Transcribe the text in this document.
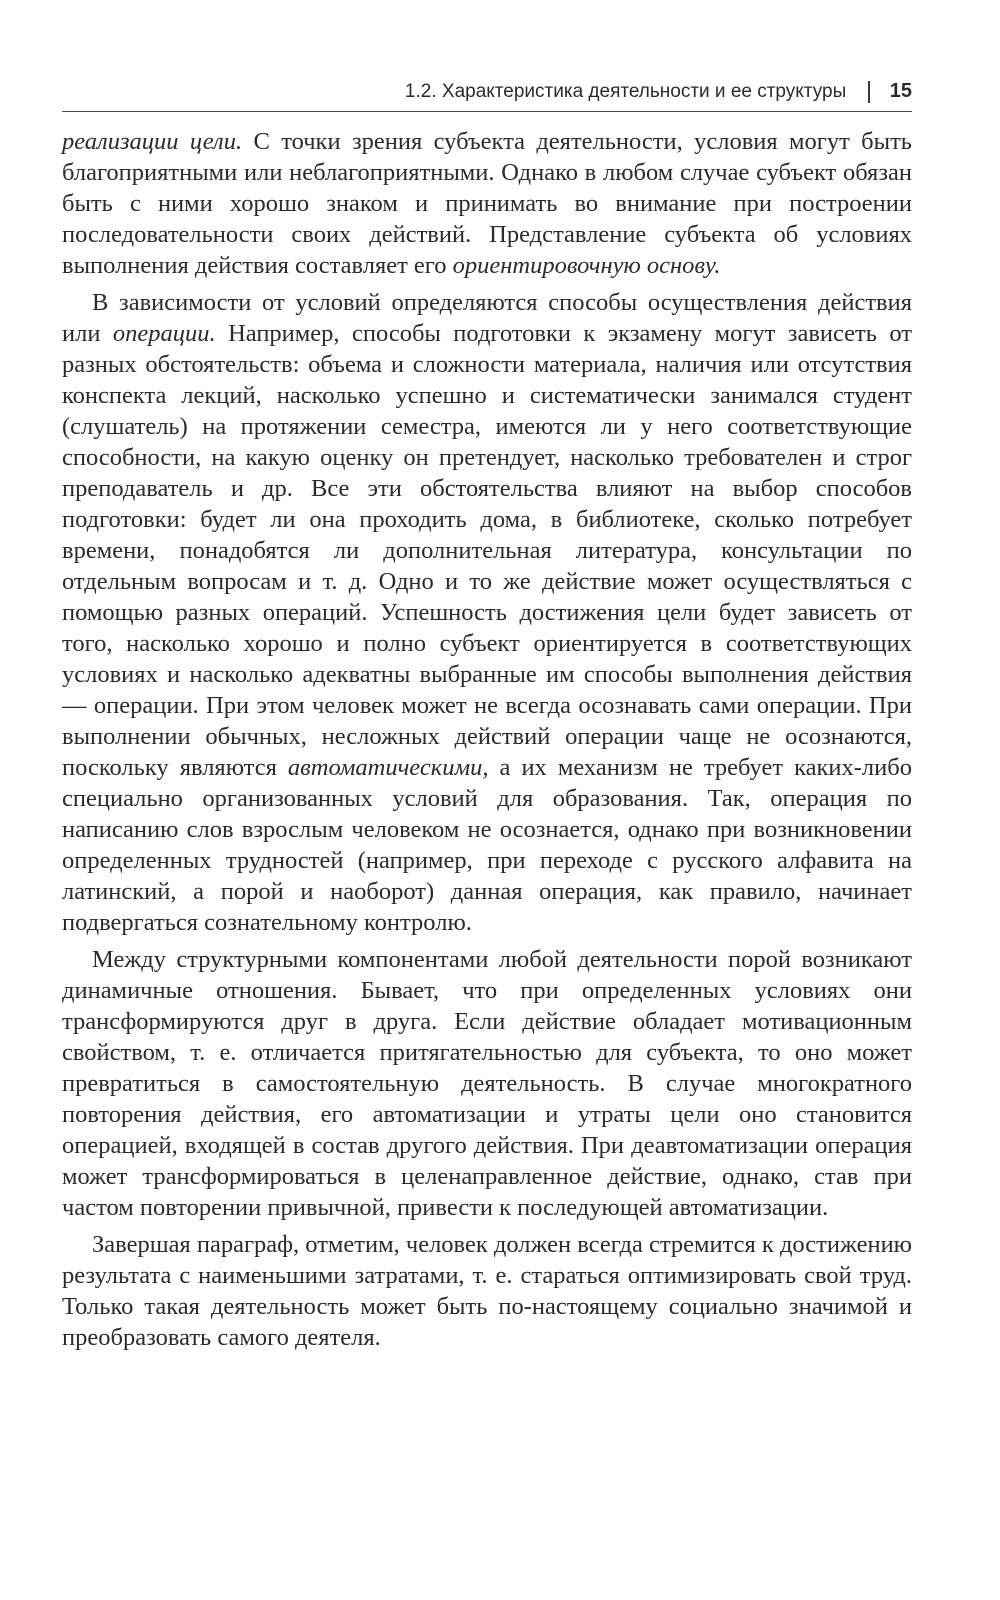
1.2. Характеристика деятельности и ее структуры 15

реализации цели. С точки зрения субъекта деятельности, условия могут быть благоприятными или неблагоприятными. Однако в любом случае субъект обязан быть с ними хорошо знаком и принимать во внимание при построении последовательности своих действий. Представление субъекта об условиях выполнения действия составляет его ориентировочную основу.

В зависимости от условий определяются способы осуществления действия или операции. Например, способы подготовки к экзамену могут зависеть от разных обстоятельств: объема и сложности материала, наличия или отсутствия конспекта лекций, насколько успешно и систематически занимался студент (слушатель) на протяжении семестра, имеются ли у него соответствующие способности, на какую оценку он претендует, насколько требователен и строг преподаватель и др. Все эти обстоятельства влияют на выбор способов подготовки: будет ли она проходить дома, в библиотеке, сколько потребует времени, понадобятся ли дополнительная литература, консультации по отдельным вопросам и т. д. Одно и то же действие может осуществляться с помощью разных операций. Успешность достижения цели будет зависеть от того, насколько хорошо и полно субъект ориентируется в соответствующих условиях и насколько адекватны выбранные им способы выполнения действия — операции. При этом человек может не всегда осознавать сами операции. При выполнении обычных, несложных действий операции чаще не осознаются, поскольку являются автоматическими, а их механизм не требует каких-либо специально организованных условий для образования. Так, операция по написанию слов взрослым человеком не осознается, однако при возникновении определенных трудностей (например, при переходе с русского алфавита на латинский, а порой и наоборот) данная операция, как правило, начинает подвергаться сознательному контролю.

Между структурными компонентами любой деятельности порой возникают динамичные отношения. Бывает, что при определенных условиях они трансформируются друг в друга. Если действие обладает мотивационным свойством, т. е. отличается притягательностью для субъекта, то оно может превратиться в самостоятельную деятельность. В случае многократного повторения действия, его автоматизации и утраты цели оно становится операцией, входящей в состав другого действия. При деавтоматизации операция может трансформироваться в целенаправленное действие, однако, став при частом повторении привычной, привести к последующей автоматизации.

Завершая параграф, отметим, человек должен всегда стремится к достижению результата с наименьшими затратами, т. е. стараться оптимизировать свой труд. Только такая деятельность может быть по-настоящему социально значимой и преобразовать самого деятеля.
